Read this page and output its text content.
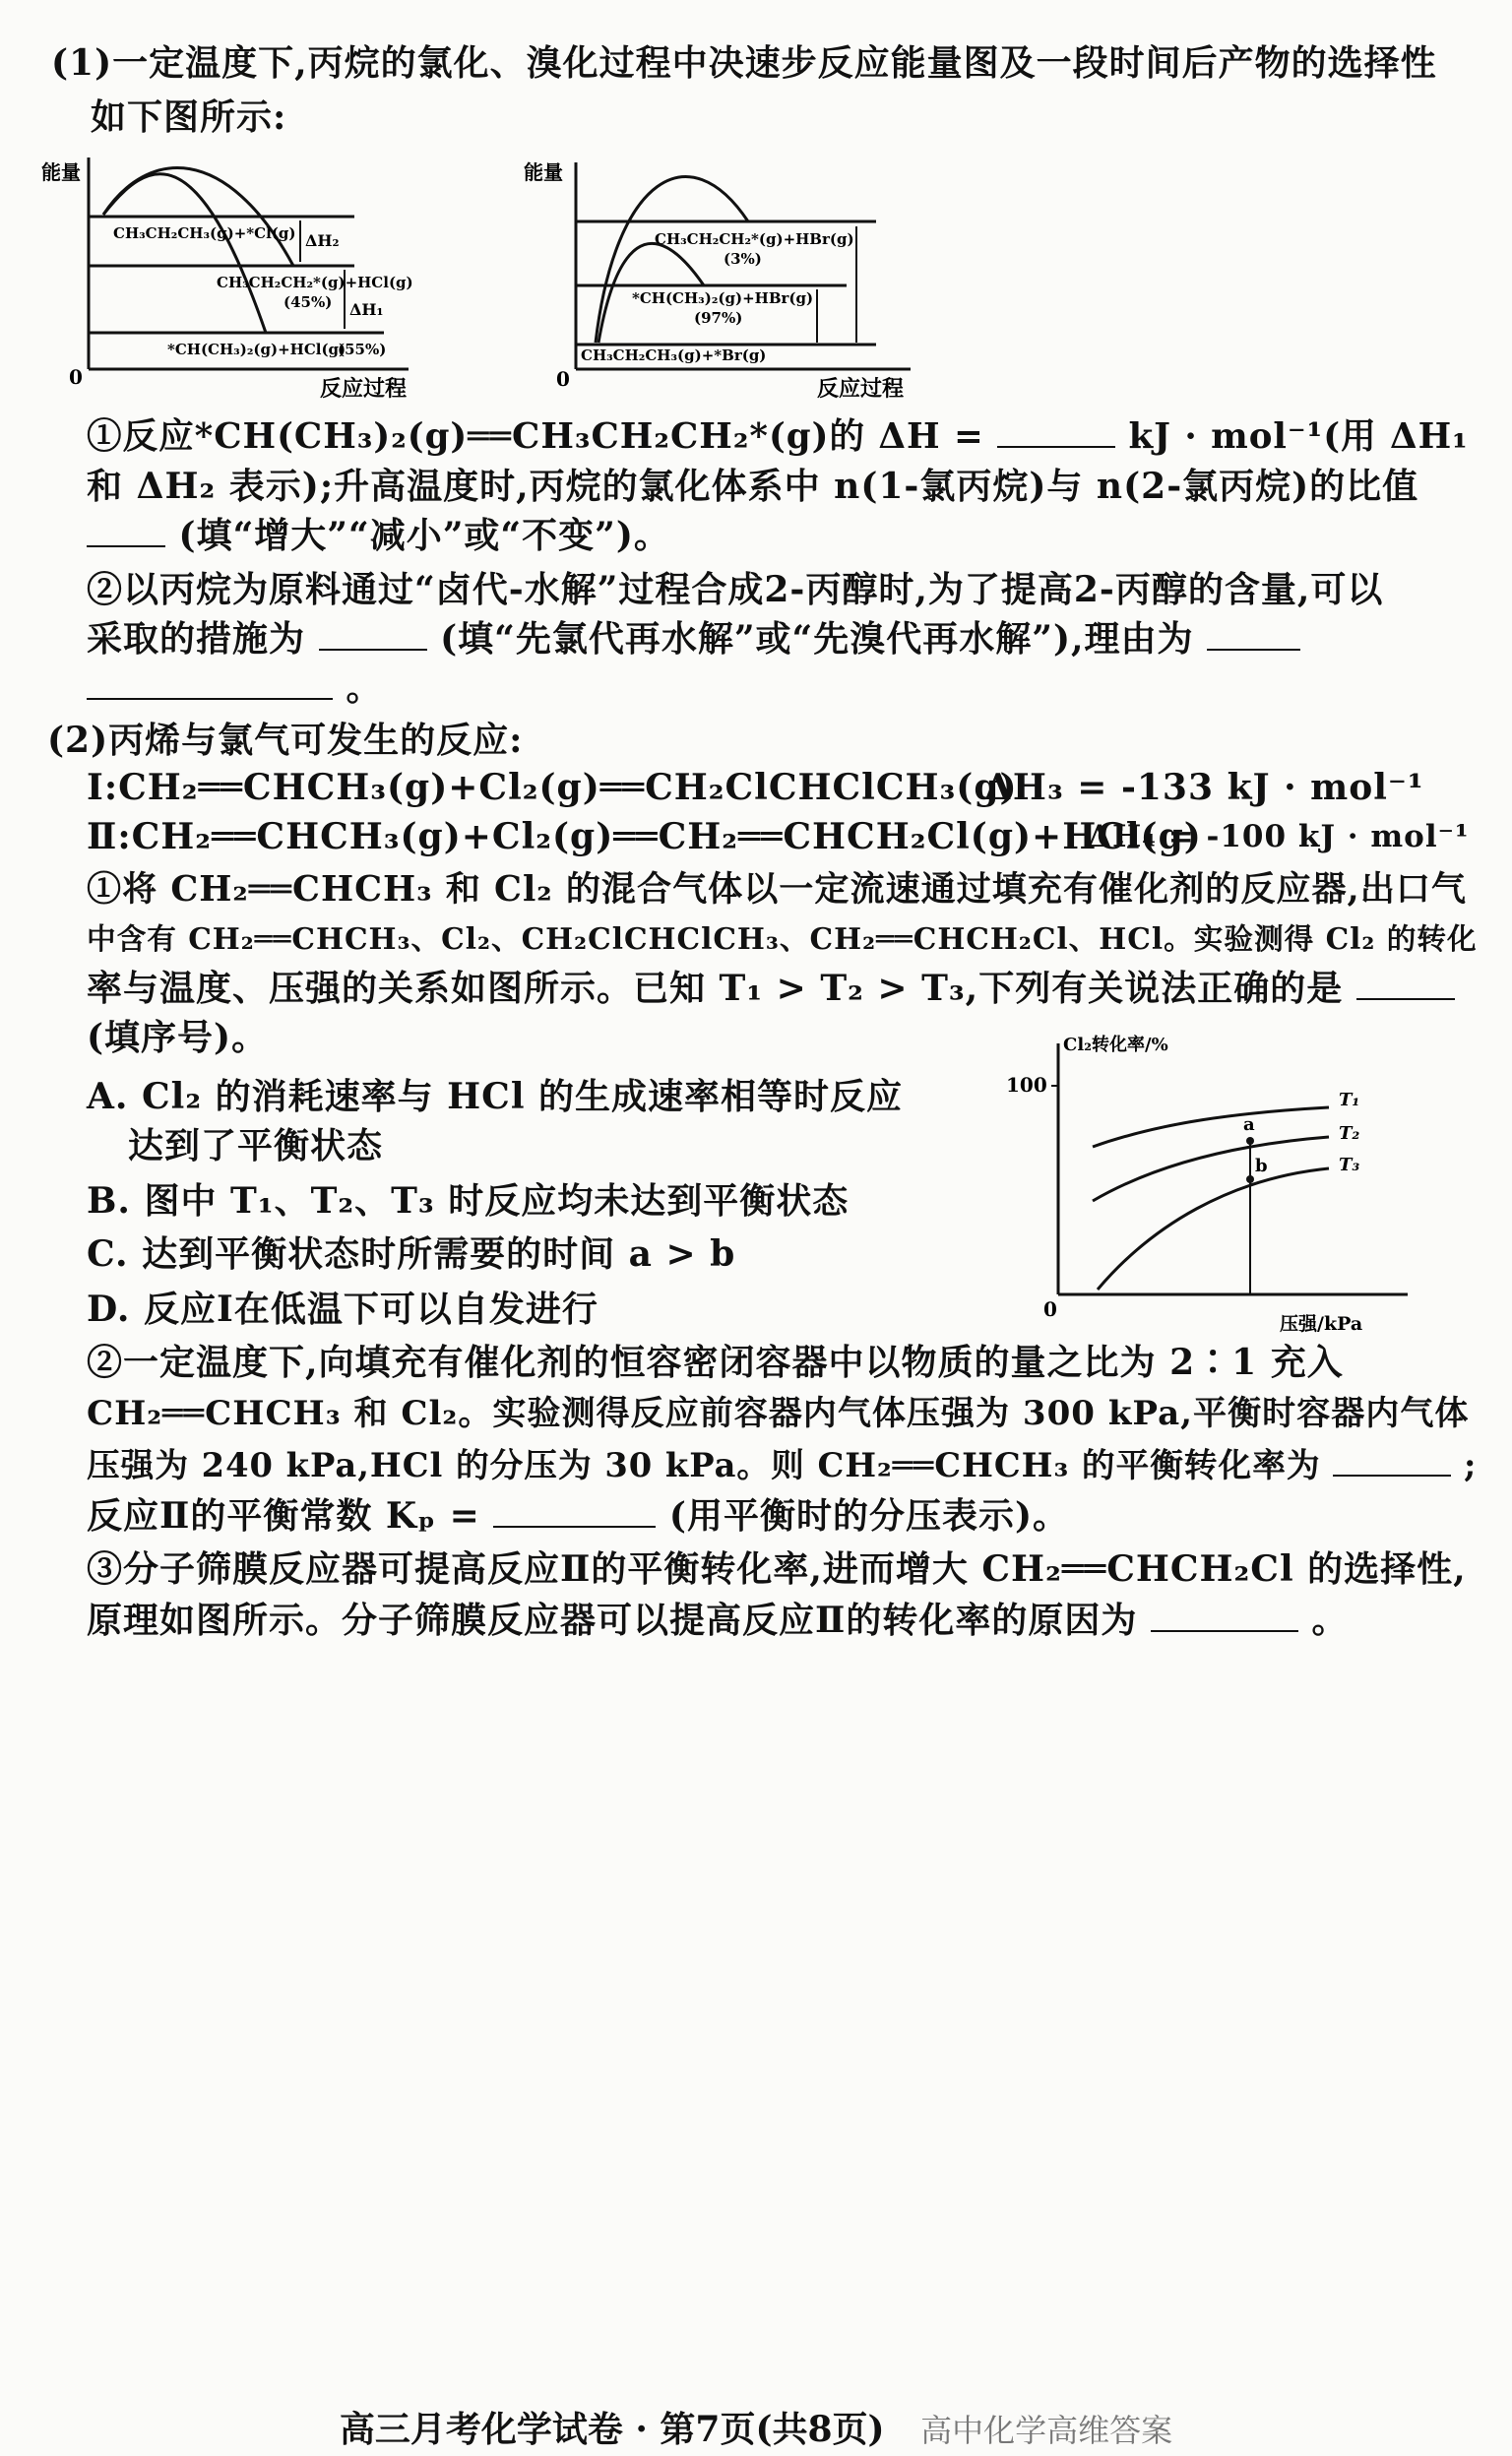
(1)一定温度下,丙烷的氯化、溴化过程中决速步反应能量图及一段时间后产物的选择性
如下图所示:
能量
0	反应过程
CH₃CH₂CH₃(g)+*Cl(g) ΔH₂
CH₃CH₂CH₂*(g)+HCl(g)
(45%) ΔH₁
*CH(CH₃)₂(g)+HCl(g)
(55%)
能量
0	反应过程
CH₃CH₂CH₂*(g)+HBr(g)
(3%)
*CH(CH₃)₂(g)+HBr(g)
(97%)
CH₃CH₂CH₃(g)+*Br(g)
①反应*CH(CH₃)₂(g)══CH₃CH₂CH₂*(g)的 ΔH =	kJ · mol⁻¹(用 ΔH₁
和 ΔH₂ 表示);升高温度时,丙烷的氯化体系中 n(1-氯丙烷)与 n(2-氯丙烷)的比值
(填“增大”“减小”或“不变”)。
②以丙烷为原料通过“卤代-水解”过程合成2-丙醇时,为了提高2-丙醇的含量,可以
采取的措施为	(填“先氯代再水解”或“先溴代再水解”),理由为
。
(2)丙烯与氯气可发生的反应:
Ⅰ:CH₂══CHCH₃(g)+Cl₂(g)══CH₂ClCHClCH₃(g)
ΔH₃ = -133 kJ · mol⁻¹
Ⅱ:CH₂══CHCH₃(g)+Cl₂(g)══CH₂══CHCH₂Cl(g)+HCl(g)
ΔH₄ = -100 kJ · mol⁻¹
①将 CH₂══CHCH₃ 和 Cl₂ 的混合气体以一定流速通过填充有催化剂的反应器,出口气
中含有 CH₂══CHCH₃、Cl₂、CH₂ClCHClCH₃、CH₂══CHCH₂Cl、HCl。实验测得 Cl₂ 的转化
率与温度、压强的关系如图所示。已知 T₁ > T₂ > T₃,下列有关说法正确的是
(填序号)。
A. Cl₂ 的消耗速率与 HCl 的生成速率相等时反应
达到了平衡状态
B. 图中 T₁、T₂、T₃ 时反应均未达到平衡状态
C. 达到平衡状态时所需要的时间 a > b
D. 反应Ⅰ在低温下可以自发进行
Cl₂转化率/%
100
0
压强/kPa
a
b
T₁
T₂
T₃
②一定温度下,向填充有催化剂的恒容密闭容器中以物质的量之比为 2∶1 充入
CH₂══CHCH₃ 和 Cl₂。实验测得反应前容器内气体压强为 300 kPa,平衡时容器内气体
压强为 240 kPa,HCl 的分压为 30 kPa。则 CH₂══CHCH₃ 的平衡转化率为	;
反应Ⅱ的平衡常数 Kₚ =	(用平衡时的分压表示)。
③分子筛膜反应器可提高反应Ⅱ的平衡转化率,进而增大 CH₂══CHCH₂Cl 的选择性,
原理如图所示。分子筛膜反应器可以提高反应Ⅱ的转化率的原因为	。
高三月考化学试卷 · 第7页(共8页) 高中化学高维答案
